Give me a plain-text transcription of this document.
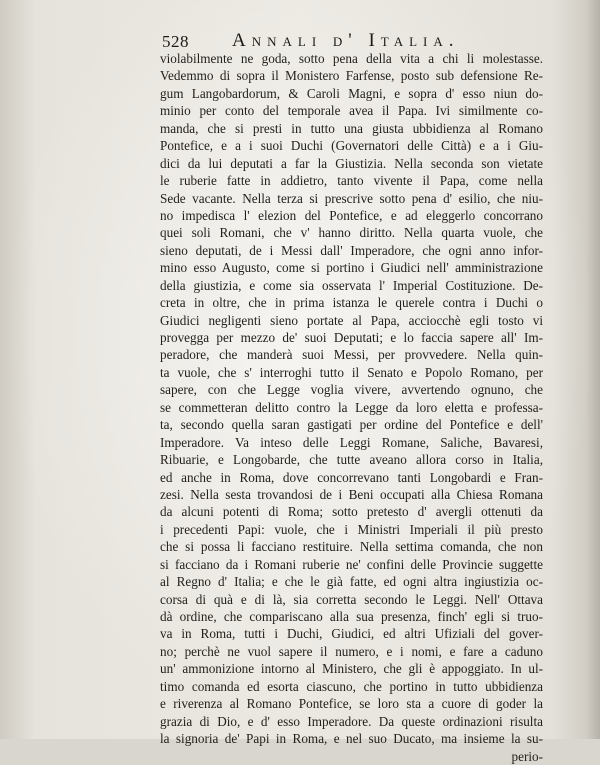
528 Annali d' Italia.
violabilmente ne goda, sotto pena della vita a chi li molestasse.
Vedemmo di sopra il Monistero Farfense, posto sub defensione Re-
gum Langobardorum, & Caroli Magni, e sopra d' esso niun do-
minio per conto del temporale avea il Papa. Ivi similmente co-
manda, che si presti in tutto una giusta ubbidienza al Romano
Pontefice, e a i suoi Duchi (Governatori delle Città) e a i Giu-
dici da lui deputati a far la Giustizia. Nella seconda son vietate
le ruberie fatte in addietro, tanto vivente il Papa, come nella
Sede vacante. Nella terza si prescrive sotto pena d' esilio, che niu-
no impedisca l' elezion del Pontefice, e ad eleggerlo concorrano
quei soli Romani, che v' hanno diritto. Nella quarta vuole, che
sieno deputati, de i Messi dall' Imperadore, che ogni anno infor-
mino esso Augusto, come si portino i Giudici nell' amministrazione
della giustizia, e come sia osservata l' Imperial Costituzione. De-
creta in oltre, che in prima istanza le querele contra i Duchi o
Giudici negligenti sieno portate al Papa, acciocchè egli tosto vi
provegga per mezzo de' suoi Deputati; e lo faccia sapere all' Im-
peradore, che manderà suoi Messi, per provvedere. Nella quin-
ta vuole, che s' interroghi tutto il Senato e Popolo Romano, per
sapere, con che Legge voglia vivere, avvertendo ognuno, che
se commetteran delitto contro la Legge da loro eletta e professa-
ta, secondo quella saran gastigati per ordine del Pontefice e dell'
Imperadore. Va inteso delle Leggi Romane, Saliche, Bavaresi,
Ribuarie, e Longobarde, che tutte aveano allora corso in Italia,
ed anche in Roma, dove concorrevano tanti Longobardi e Fran-
zesi. Nella sesta trovandosi de i Beni occupati alla Chiesa Romana
da alcuni potenti di Roma; sotto pretesto d' avergli ottenuti da
i precedenti Papi: vuole, che i Ministri Imperiali il più presto
che si possa li facciano restituire. Nella settima comanda, che non
si facciano da i Romani ruberie ne' confini delle Provincie suggette
al Regno d' Italia; e che le già fatte, ed ogni altra ingiustizia oc-
corsa di quà e di là, sia corretta secondo le Leggi. Nell' Ottava
dà ordine, che compariscano alla sua presenza, finch' egli si truo-
va in Roma, tutti i Duchi, Giudici, ed altri Ufiziali del gover-
no; perchè ne vuol sapere il numero, e i nomi, e fare a caduno
un' ammonizione intorno al Ministero, che gli è appoggiato. In ul-
timo comanda ed esorta ciascuno, che portino in tutto ubbidienza
e riverenza al Romano Pontefice, se loro sta a cuore di goder la
grazia di Dio, e d' esso Imperadore. Da queste ordinazioni risulta
la signoria de' Papi in Roma, e nel suo Ducato, ma insieme la su-
perio-
